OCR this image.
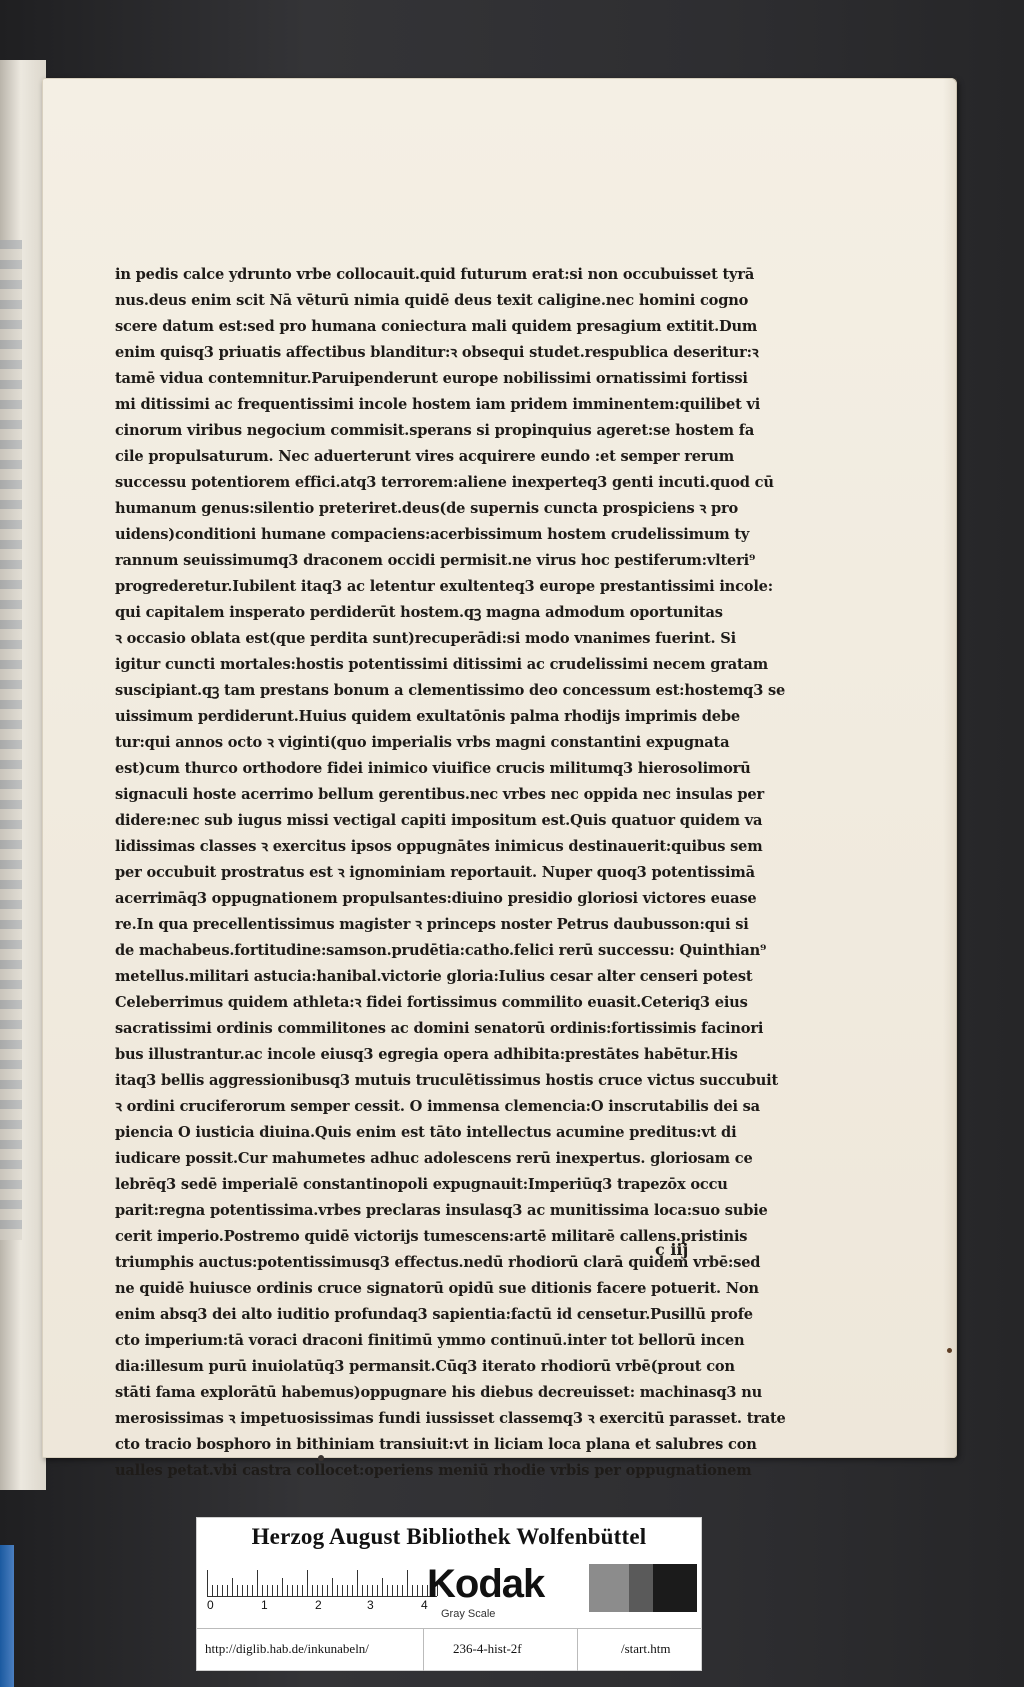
in pedis calce ydrunto vrbe collocauit.quid futurum erat:si non occubuisset tyrā
nus.deus enim scit Nā vēturū nimia quidē deus texit caligine.nec homini cogno
scere datum est:sed pro humana coniectura mali quidem presagium extitit.Dum
enim quisq3 priuatis affectibus blanditur:ꝛ obsequi studet.respublica deseritur:ꝛ
tamē vidua contemnitur.Paruipenderunt europe nobilissimi ornatissimi fortissi
mi ditissimi ac frequentissimi incole hostem iam pridem imminentem:quilibet vi
cinorum viribus negocium commisit.sperans si propinquius ageret:se hostem fa
cile propulsaturum. Nec aduerterunt vires acquirere eundo :et semper rerum
successu potentiorem effici.atq3 terrorem:aliene inexperteq3 genti incuti.quod cū
humanum genus:silentio preteriret.deus(de supernis cuncta prospiciens ꝛ pro
uidens)conditioni humane compaciens:acerbissimum hostem crudelissimum ty
rannum seuissimumq3 draconem occidi permisit.ne virus hoc pestiferum:vlteri⁹
progrederetur.Iubilent itaq3 ac letentur exultenteq3 europe prestantissimi incole:
qui capitalem insperato perdiderūt hostem.qꝫ magna admodum oportunitas
ꝛ occasio oblata est(que perdita sunt)recuperādi:si modo vnanimes fuerint. Si
igitur cuncti mortales:hostis potentissimi ditissimi ac crudelissimi necem gratam
suscipiant.qꝫ tam prestans bonum a clementissimo deo concessum est:hostemq3 se
uissimum perdiderunt.Huius quidem exultatōnis palma rhodijs imprimis debe
tur:qui annos octo ꝛ viginti(quo imperialis vrbs magni constantini expugnata
est)cum thurco orthodore fidei inimico viuifice crucis militumq3 hierosolimorū
signaculi hoste acerrimo bellum gerentibus.nec vrbes nec oppida nec insulas per
didere:nec sub iugus missi vectigal capiti impositum est.Quis quatuor quidem va
lidissimas classes ꝛ exercitus ipsos oppugnātes inimicus destinauerit:quibus sem
per occubuit prostratus est ꝛ ignominiam reportauit. Nuper quoq3 potentissimā
acerrimāq3 oppugnationem propulsantes:diuino presidio gloriosi victores euase
re.In qua precellentissimus magister ꝛ princeps noster Petrus daubusson:qui si
de machabeus.fortitudine:samson.prudētia:catho.felici rerū successu: Quinthian⁹
metellus.militari astucia:hanibal.victorie gloria:Iulius cesar alter censeri potest
Celeberrimus quidem athleta:ꝛ fidei fortissimus commilito euasit.Ceteriq3 eius
sacratissimi ordinis commilitones ac domini senatorū ordinis:fortissimis facinori
bus illustrantur.ac incole eiusq3 egregia opera adhibita:prestātes habētur.His
itaq3 bellis aggressionibusq3 mutuis truculētissimus hostis cruce victus succubuit
ꝛ ordini cruciferorum semper cessit. O immensa clemencia:O inscrutabilis dei sa
piencia O iusticia diuina.Quis enim est tāto intellectus acumine preditus:vt di
iudicare possit.Cur mahumetes adhuc adolescens rerū inexpertus. gloriosam ce
lebrēq3 sedē imperialē constantinopoli expugnauit:Imperiūq3 trapezōx occu
parit:regna potentissima.vrbes preclaras insulasq3 ac munitissima loca:suo subie
cerit imperio.Postremo quidē victorijs tumescens:artē militarē callens.pristinis
triumphis auctus:potentissimusq3 effectus.nedū rhodiorū clarā quidem vrbē:sed
ne quidē huiusce ordinis cruce signatorū opidū sue ditionis facere potuerit. Non
enim absq3 dei alto iuditio profundaq3 sapientia:factū id censetur.Pusillū profe
cto imperium:tā voraci draconi finitimū ymmo continuū.inter tot bellorū incen
dia:illesum purū inuiolatūq3 permansit.Cūq3 iterato rhodiorū vrbē(prout con
stāti fama explorātū habemus)oppugnare his diebus decreuisset: machinasq3 nu
merosissimas ꝛ impetuosissimas fundi iussisset classemq3 ꝛ exercitū parasset. trate
cto tracio bosphoro in bithiniam transiuit:vt in liciam loca plana et salubres con
ualles petat.vbi castra collocet:operiens meniū rhodie vrbis per oppugnationem
c iij
Herzog August Bibliothek Wolfenbüttel
0	1	2	3	4 Kodak
Gray Scale
http://diglib.hab.de/inkunabeln/	236-4-hist-2f	/start.htm
